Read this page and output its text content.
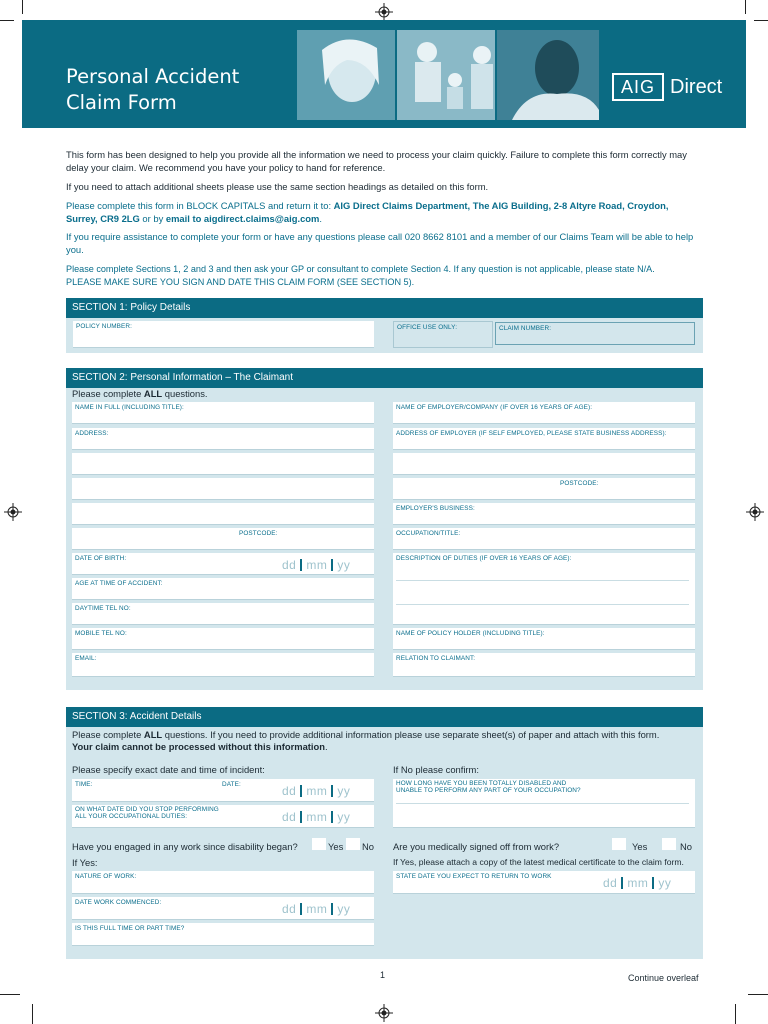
Personal Accident
Claim Form
AIG Direct
This form has been designed to help you provide all the information we need to process your claim quickly. Failure to complete this form correctly may delay your claim. We recommend you have your policy to hand for reference.
If you need to attach additional sheets please use the same section headings as detailed on this form.
Please complete this form in BLOCK CAPITALS and return it to: AIG Direct Claims Department, The AIG Building, 2-8 Altyre Road, Croydon, Surrey, CR9 2LG or by email to aigdirect.claims@aig.com.
If you require assistance to complete your form or have any questions please call 020 8662 8101 and a member of our Claims Team will be able to help you.
Please complete Sections 1, 2 and 3 and then ask your GP or consultant to complete Section 4. If any question is not applicable, please state N/A.
PLEASE MAKE SURE YOU SIGN AND DATE THIS CLAIM FORM (SEE SECTION 5).
SECTION 1: Policy Details
POLICY NUMBER:	OFFICE USE ONLY:	CLAIM NUMBER:
SECTION 2: Personal Information – The Claimant
Please complete ALL questions.
NAME IN FULL (INCLUDING TITLE):
ADDRESS:
POSTCODE:
DATE OF BIRTH:	dd mm yy
AGE AT TIME OF ACCIDENT:
DAYTIME TEL NO:
MOBILE TEL NO:
EMAIL:
NAME OF EMPLOYER/COMPANY (IF OVER 16 YEARS OF AGE):
ADDRESS OF EMPLOYER (IF SELF EMPLOYED, PLEASE STATE BUSINESS ADDRESS):
POSTCODE:
EMPLOYER'S BUSINESS:
OCCUPATION/TITLE:
DESCRIPTION OF DUTIES (IF OVER 16 YEARS OF AGE):
NAME OF POLICY HOLDER (INCLUDING TITLE):
RELATION TO CLAIMANT:
SECTION 3: Accident Details
Please complete ALL questions. If you need to provide additional information please use separate sheet(s) of paper and attach with this form.
Your claim cannot be processed without this information.
Please specify exact date and time of incident:
TIME:	DATE:	dd mm yy
ON WHAT DATE DID YOU STOP PERFORMING
ALL YOUR OCCUPATIONAL DUTIES:	dd mm yy
Have you engaged in any work since disability began?	Yes No
If Yes:
NATURE OF WORK:
DATE WORK COMMENCED:	dd mm yy
IS THIS FULL TIME OR PART TIME?
If No please confirm:
HOW LONG HAVE YOU BEEN TOTALLY DISABLED AND
UNABLE TO PERFORM ANY PART OF YOUR OCCUPATION?
Are you medically signed off from work?	Yes	No
If Yes, please attach a copy of the latest medical certificate to the claim form.
STATE DATE YOU EXPECT TO RETURN TO WORK	dd mm yy
1	Continue overleaf
